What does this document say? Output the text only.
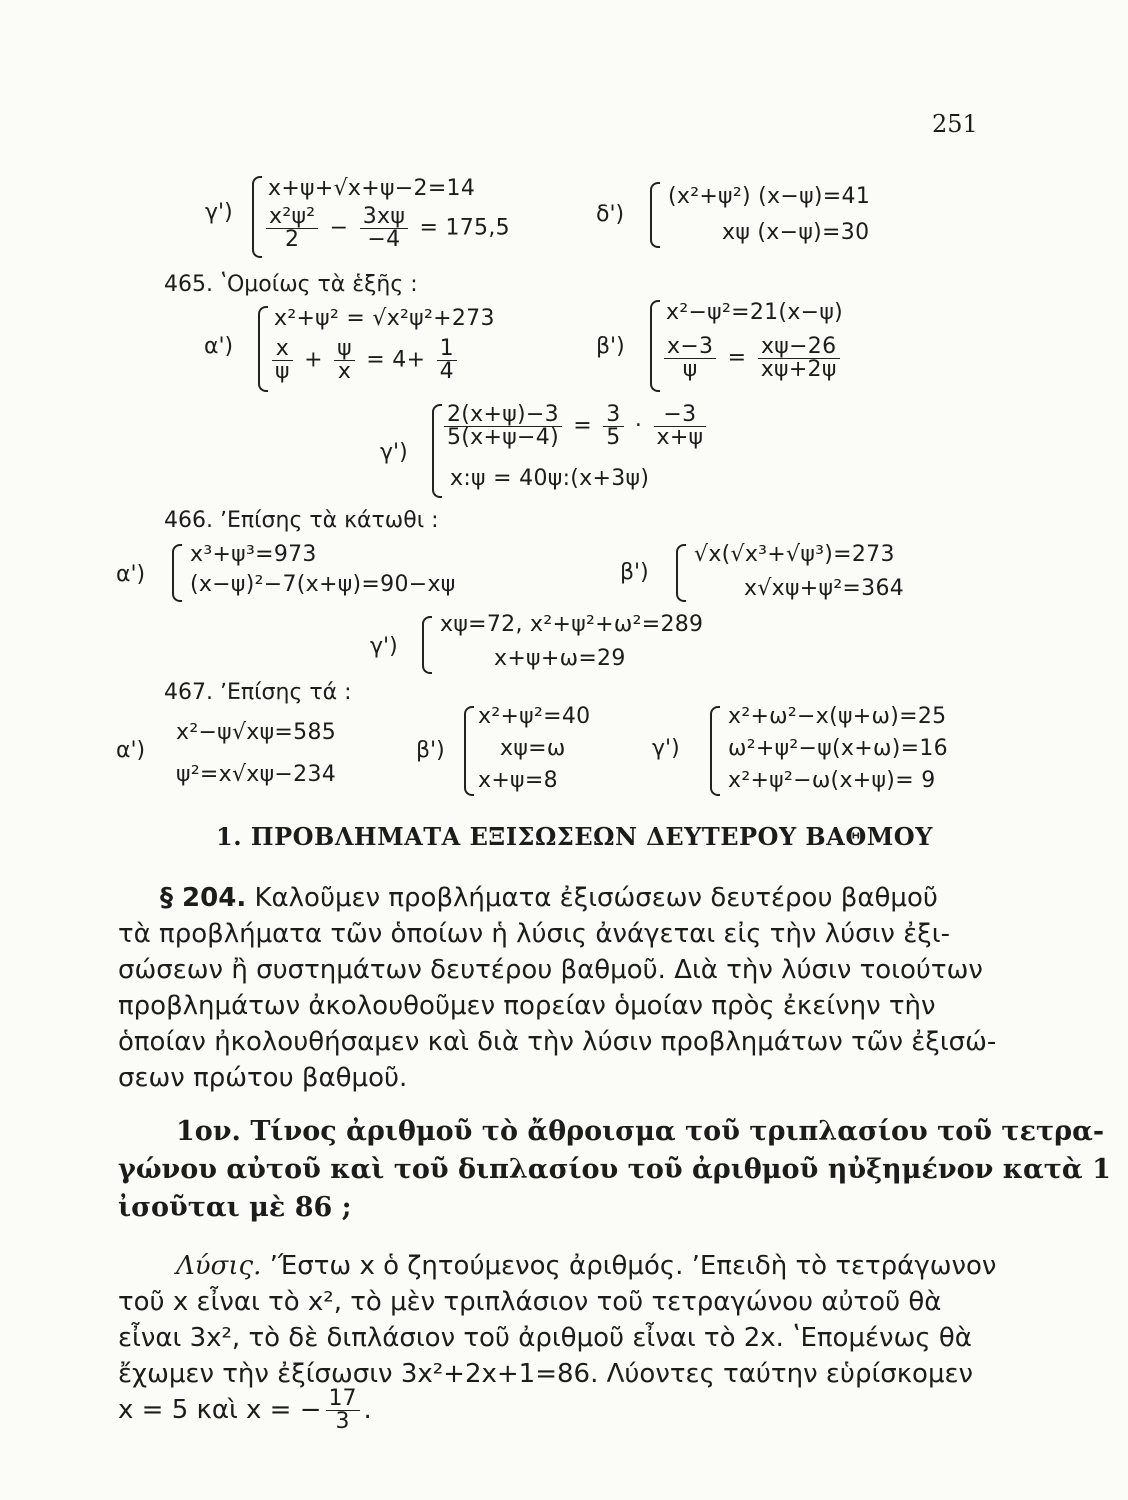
251
γ')
x+ψ+√x+ψ−2=14
$\frac{\text{x²ψ²}}{2} - \frac{3x\psi}{-4} = 175,5$
δ')
(x²+ψ²) (x−ψ)=41
xψ (x−ψ)=30
465. ʽΟμοίως τὰ ἑξῆς :
α')
x²+ψ² = √x²ψ²+273
$\frac{x}{\psi} + \frac{\psi}{x} = 4+ \frac{1}{4}$	β')
x²−ψ²=21(x−ψ)
$\frac{x-3}{\psi} = \frac{x\psi-26}{x\psi+2\psi}$
γ')
$\frac{2(x+\psi)-3}{5(x+\psi-4)} = \frac{3}{5} \cdot \frac{-3}{x+\psi}$
x:ψ = 40ψ:(x+3ψ)
466. ʼΕπίσης τὰ κάτωθι :
α')
x³+ψ³=973
(x−ψ)²−7(x+ψ)=90−xψ	β')
√x(√x³+√ψ³)=273
x√xψ+ψ²=364
γ')
xψ=72, x²+ψ²+ω²=289
x+ψ+ω=29
467. ʼΕπίσης τά :
α')
x²−ψ√xψ=585
ψ²=x√xψ−234
β')
x²+ψ²=40
xψ=ω
x+ψ=8
γ')
x²+ω²−x(ψ+ω)=25
ω²+ψ²−ψ(x+ω)=16
x²+ψ²−ω(x+ψ)= 9
1. ΠΡΟΒΛΗΜΑΤΑ ΕΞΙΣΩΣΕΩΝ ΔΕΥΤΕΡΟΥ ΒΑΘΜΟΥ
§ 204. Καλοῦμεν προβλήματα ἐξισώσεων δευτέρου βαθμοῦ
τὰ προβλήματα τῶν ὁποίων ἡ λύσις ἀνάγεται εἰς τὴν λύσιν ἐξι-
σώσεων ἢ συστημάτων δευτέρου βαθμοῦ. Διὰ τὴν λύσιν τοιούτων
προβλημάτων ἀκολουθοῦμεν πορείαν ὁμοίαν πρὸς ἐκείνην τὴν
ὁποίαν ἠκολουθήσαμεν καὶ διὰ τὴν λύσιν προβλημάτων τῶν ἐξισώ-
σεων πρώτου βαθμοῦ.
1ον. Τίνος ἀριθμοῦ τὸ ἄθροισμα τοῦ τριπλασίου τοῦ τετρα-
γώνου αὐτοῦ καὶ τοῦ διπλασίου τοῦ ἀριθμοῦ ηὐξημένον κατὰ 1
ἰσοῦται μὲ 86 ;
Λύσις. ʼΈστω x ὁ ζητούμενος ἀριθμός. ʼΕπειδὴ τὸ τετράγωνον
τοῦ x εἶναι τὸ x², τὸ μὲν τριπλάσιον τοῦ τετραγώνου αὐτοῦ θὰ
εἶναι 3x², τὸ δὲ διπλάσιον τοῦ ἀριθμοῦ εἶναι τὸ 2x. ʽΕπομένως θὰ
ἔχωμεν τὴν ἐξίσωσιν 3x²+2x+1=86. Λύοντες ταύτην εὑρίσκομεν
x = 5 καὶ x = − $\frac{17}{3}$ .
